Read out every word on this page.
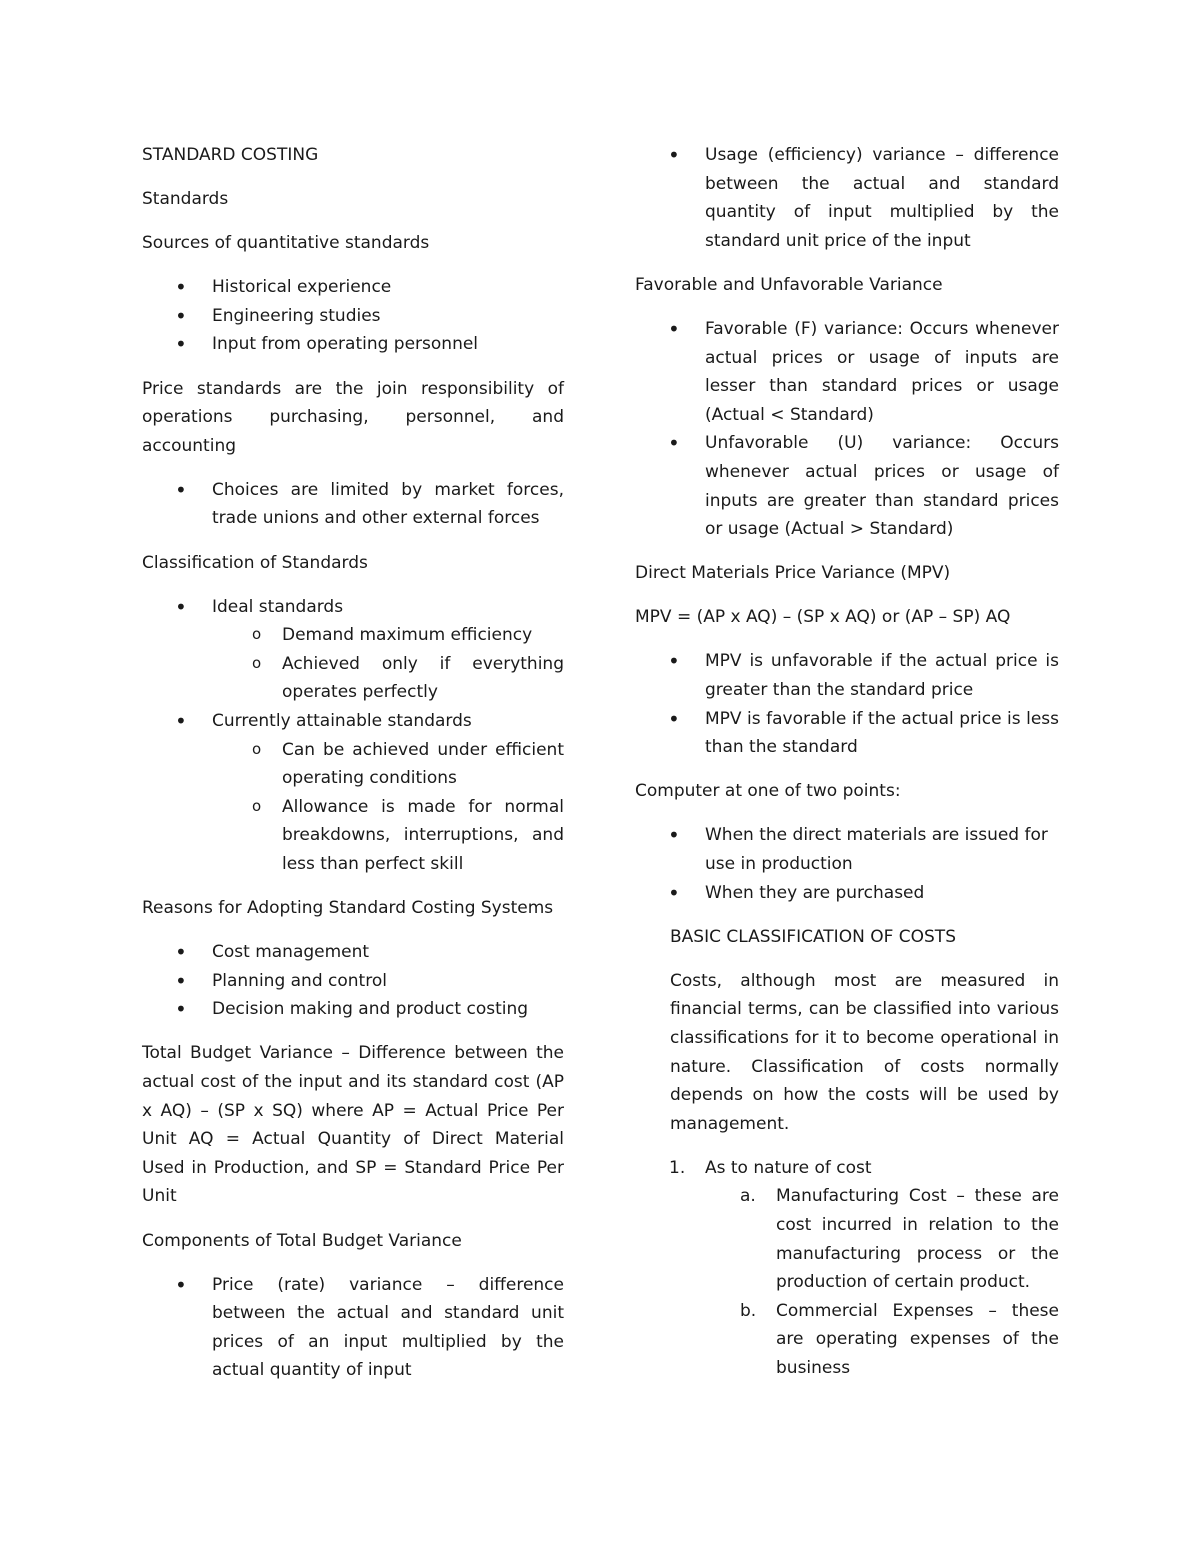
STANDARD COSTING

Standards

Sources of quantitative standards

• Historical experience
• Engineering studies
• Input from operating personnel

Price standards are the join responsibility of operations purchasing, personnel, and accounting

• Choices are limited by market forces, trade unions and other external forces

Classification of Standards

• Ideal standards
o Demand maximum efficiency
o Achieved only if everything operates perfectly
• Currently attainable standards
o Can be achieved under efficient operating conditions
o Allowance is made for normal breakdowns, interruptions, and less than perfect skill

Reasons for Adopting Standard Costing Systems

• Cost management
• Planning and control
• Decision making and product costing

Total Budget Variance – Difference between the actual cost of the input and its standard cost (AP x AQ) – (SP x SQ) where AP = Actual Price Per Unit AQ = Actual Quantity of Direct Material Used in Production, and SP = Standard Price Per Unit

Components of Total Budget Variance

• Price (rate) variance – difference between the actual and standard unit prices of an input multiplied by the actual quantity of input
• Usage (efficiency) variance – difference between the actual and standard quantity of input multiplied by the standard unit price of the input

Favorable and Unfavorable Variance

• Favorable (F) variance: Occurs whenever actual prices or usage of inputs are lesser than standard prices or usage (Actual < Standard)
• Unfavorable (U) variance: Occurs whenever actual prices or usage of inputs are greater than standard prices or usage (Actual > Standard)

Direct Materials Price Variance (MPV)

MPV = (AP x AQ) – (SP x AQ) or (AP – SP) AQ

• MPV is unfavorable if the actual price is greater than the standard price
• MPV is favorable if the actual price is less than the standard

Computer at one of two points:

• When the direct materials are issued for use in production
• When they are purchased

BASIC CLASSIFICATION OF COSTS

Costs, although most are measured in financial terms, can be classified into various classifications for it to become operational in nature. Classification of costs normally depends on how the costs will be used by management.

1. As to nature of cost
a. Manufacturing Cost – these are cost incurred in relation to the manufacturing process or the production of certain product.
b. Commercial Expenses – these are operating expenses of the business
